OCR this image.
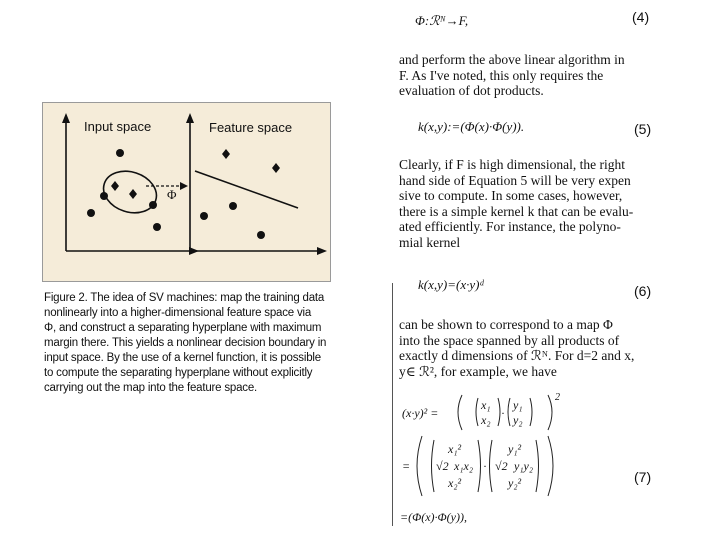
Φ:ℛᴺ→F,	(4)
and perform the above linear algorithm in
F. As I've noted, this only requires the
evaluation of dot products.
k(x,y):=(Φ(x)·Φ(y)).	(5)
Clearly, if F is high dimensional, the right
hand side of Equation 5 will be very expen
sive to compute. In some cases, however,
there is a simple kernel k that can be evalu-
ated efficiently. For instance, the polyno-
mial kernel
k(x,y)=(x·y)ᵈ	(6)
can be shown to correspond to a map Φ
into the space spanned by all products of
exactly d dimensions of ℛᴺ. For d=2 and x,
y∈ ℛ², for example, we have
(x·y)² =
x₁
x₂ ·
y₁
y₂
2
=
x₁²
√2 x₁x₂
x₂²
·
y₁²
√2 y₁y₂
y₂²
=(Φ(x)·Φ(y)),
(7)
Input space	Feature space
Φ
Figure 2. The idea of SV machines: map the training data
nonlinearly into a higher-dimensional feature space via
Φ, and construct a separating hyperplane with maximum
margin there. This yields a nonlinear decision boundary in
input space. By the use of a kernel function, it is possible
to compute the separating hyperplane without explicitly
carrying out the map into the feature space.
